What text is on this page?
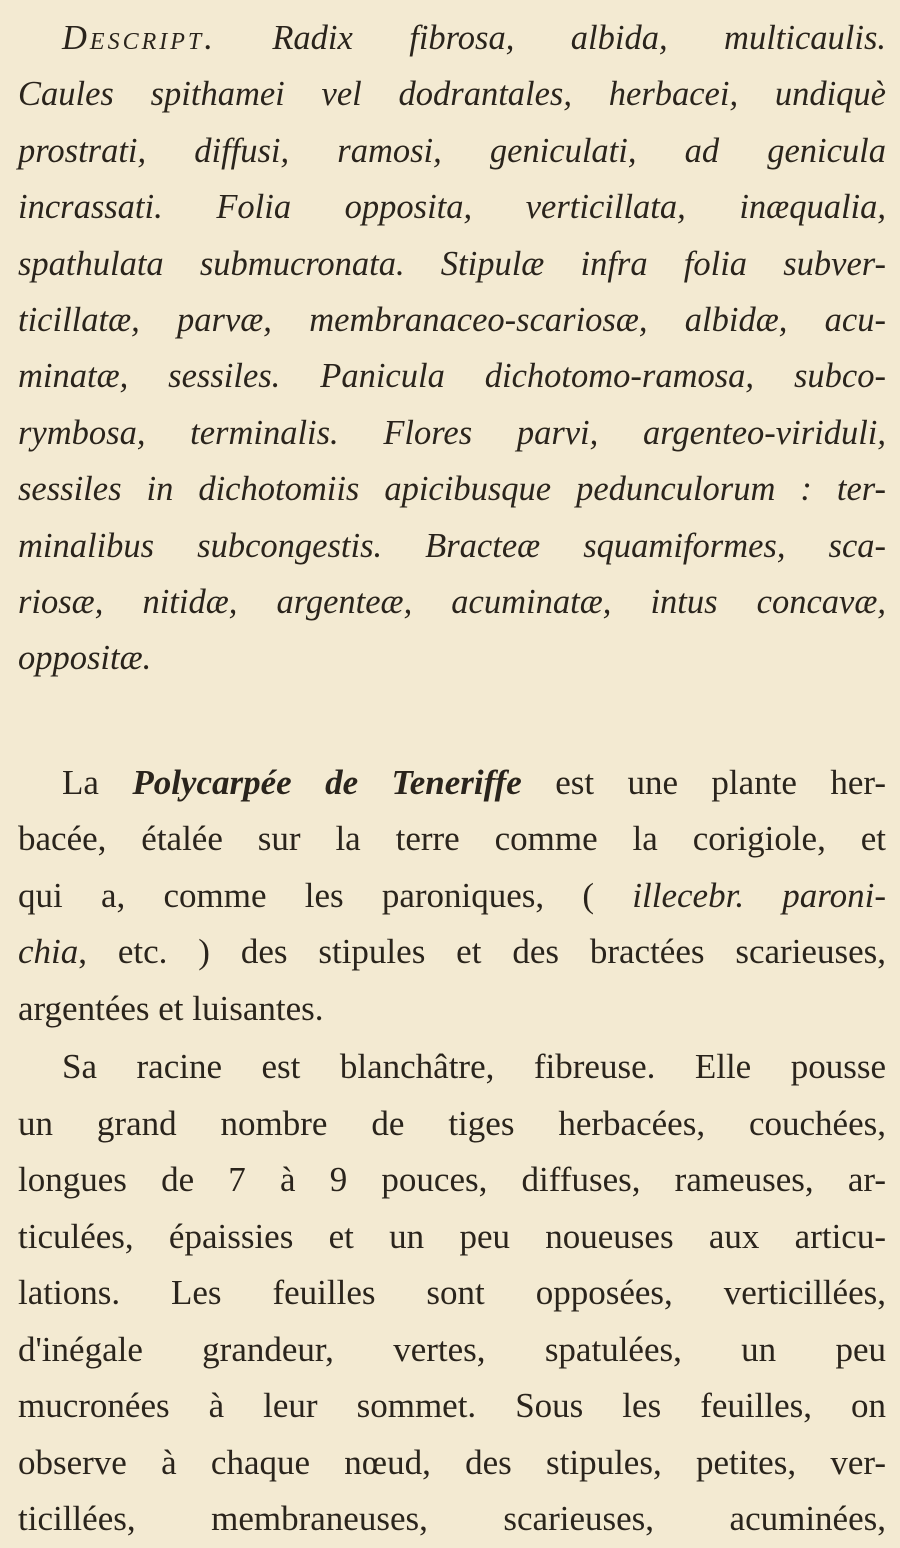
Descript. Radix fibrosa, albida, multicaulis.
Caules spithamei vel dodrantales, herbacei, undiquè
prostrati, diffusi, ramosi, geniculati, ad genicula
incrassati. Folia opposita, verticillata, inæqualia,
spathulata submucronata. Stipulæ infra folia subver-
ticillatæ, parvæ, membranaceo-scariosæ, albidæ, acu-
minatæ, sessiles. Panicula dichotomo-ramosa, subco-
rymbosa, terminalis. Flores parvi, argenteo-viriduli,
sessiles in dichotomiis apicibusque pedunculorum : ter-
minalibus subcongestis. Bracteæ squamiformes, sca-
riosæ, nitidæ, argenteæ, acuminatæ, intus concavæ,
oppositæ.
La Polycarpée de Teneriffe est une plante her-
bacée, étalée sur la terre comme la corigiole, et
qui a, comme les paroniques, ( illecebr. paroni-
chia, etc. ) des stipules et des bractées scarieuses,
argentées et luisantes.
Sa racine est blanchâtre, fibreuse. Elle pousse
un grand nombre de tiges herbacées, couchées,
longues de 7 à 9 pouces, diffuses, rameuses, ar-
ticulées, épaissies et un peu noueuses aux articu-
lations. Les feuilles sont opposées, verticillées,
d'inégale grandeur, vertes, spatulées, un peu
mucronées à leur sommet. Sous les feuilles, on
observe à chaque nœud, des stipules, petites, ver-
ticillées, membraneuses, scarieuses, acuminées,
